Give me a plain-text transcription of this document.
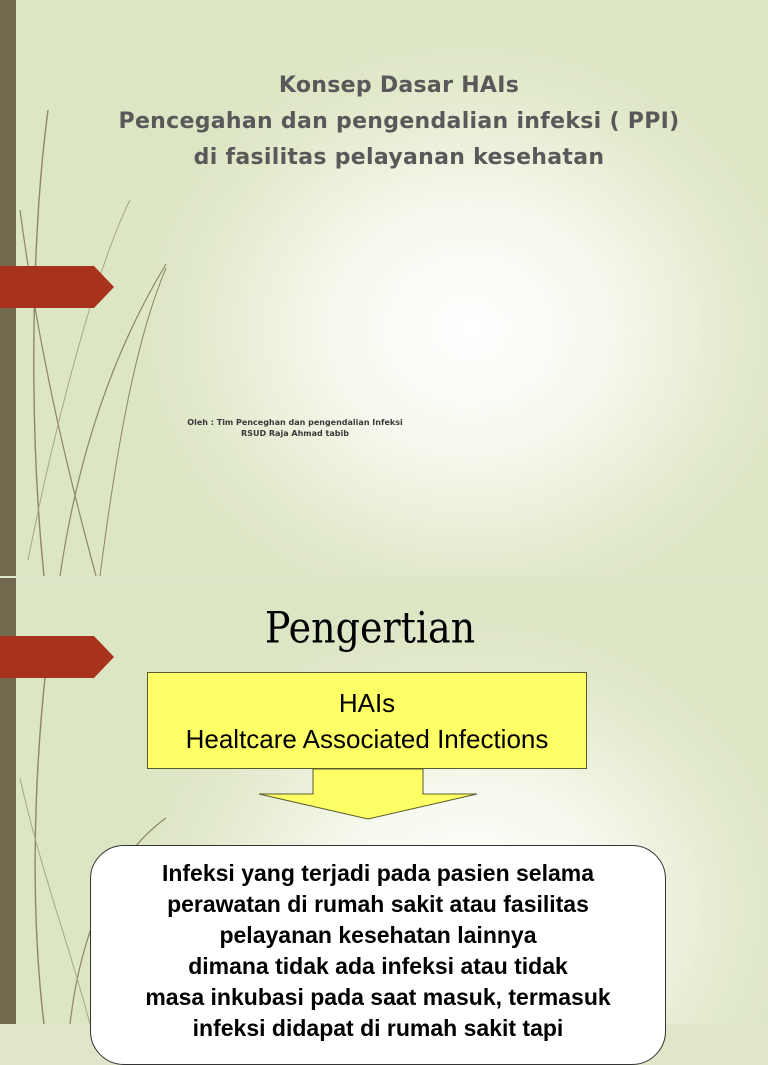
Konsep Dasar HAIs
Pencegahan dan pengendalian infeksi ( PPI)
di fasilitas pelayanan kesehatan
Oleh : Tim Penceghan dan pengendalian Infeksi
RSUD Raja Ahmad tabib
Pengertian
HAIs
Healtcare Associated Infections
Infeksi yang terjadi pada pasien selama
perawatan di rumah sakit atau fasilitas
pelayanan kesehatan lainnya
dimana tidak ada infeksi atau tidak
masa inkubasi pada saat masuk, termasuk
infeksi didapat di rumah sakit tapi
